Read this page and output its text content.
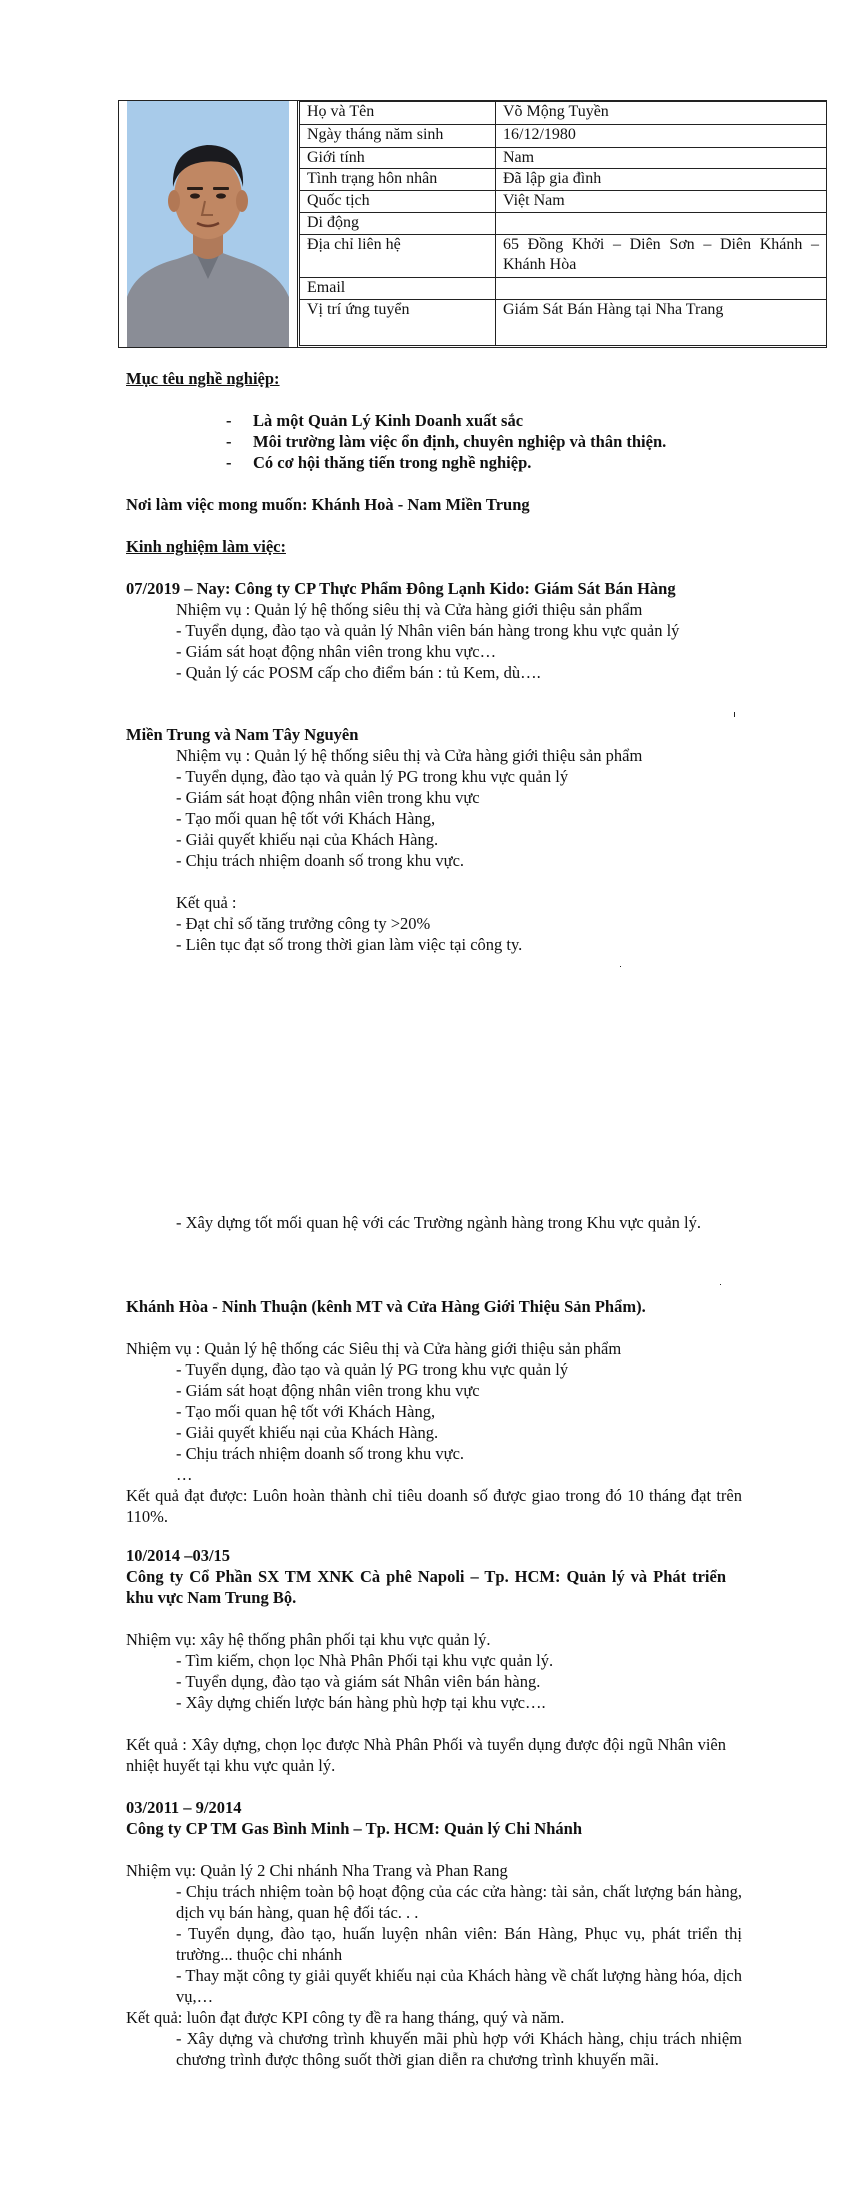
Họ và Tên	Võ Mộng Tuyền
Ngày tháng năm sinh	16/12/1980
Giới tính	Nam
Tình trạng hôn nhân	Đã lập gia đình
Quốc tịch	Việt Nam
Di động	
Địa chỉ liên hệ	65 Đồng Khởi – Diên Sơn – Diên Khánh – Khánh Hòa
Email	
Vị trí ứng tuyển	Giám Sát Bán Hàng tại Nha Trang
Mục têu nghề nghiệp:
- Là một Quản Lý Kinh Doanh xuất sắc
- Môi trường làm việc ổn định, chuyên nghiệp và thân thiện.
- Có cơ hội thăng tiến trong nghề nghiệp.
Nơi làm việc mong muốn: Khánh Hoà - Nam Miền Trung
Kinh nghiệm làm việc:
07/2019 – Nay: Công ty CP Thực Phẩm Đông Lạnh Kido: Giám Sát Bán Hàng
Nhiệm vụ : Quản lý hệ thống siêu thị và Cửa hàng giới thiệu sản phẩm
- Tuyển dụng, đào tạo và quản lý Nhân viên bán hàng trong khu vực quản lý
- Giám sát hoạt động nhân viên trong khu vực…
- Quản lý các POSM cấp cho điểm bán : tủ Kem, dù….
Miền Trung và Nam Tây Nguyên
Nhiệm vụ : Quản lý hệ thống siêu thị và Cửa hàng giới thiệu sản phẩm
- Tuyển dụng, đào tạo và quản lý PG trong khu vực quản lý
- Giám sát hoạt động nhân viên trong khu vực
- Tạo mối quan hệ tốt với Khách Hàng,
- Giải quyết khiếu nại của Khách Hàng.
- Chịu trách nhiệm doanh số trong khu vực.
Kết quả :
- Đạt chỉ số tăng trưởng công ty >20%
- Liên tục đạt số trong thời gian làm việc tại công ty.
- Xây dựng tốt mối quan hệ với các Trường ngành hàng trong Khu vực quản lý.
Khánh Hòa - Ninh Thuận (kênh MT và Cửa Hàng Giới Thiệu Sản Phẩm).
Nhiệm vụ : Quản lý hệ thống các Siêu thị và Cửa hàng giới thiệu sản phẩm
- Tuyển dụng, đào tạo và quản lý PG trong khu vực quản lý
- Giám sát hoạt động nhân viên trong khu vực
- Tạo mối quan hệ tốt với Khách Hàng,
- Giải quyết khiếu nại của Khách Hàng.
- Chịu trách nhiệm doanh số trong khu vực.
…
Kết quả đạt được: Luôn hoàn thành chỉ tiêu doanh số được giao trong đó 10 tháng đạt trên 110%.
10/2014 –03/15
Công ty Cổ Phần SX TM XNK Cà phê Napoli – Tp. HCM: Quản lý và Phát triển khu vực Nam Trung Bộ.
Nhiệm vụ: xây hệ thống phân phối tại khu vực quản lý.
- Tìm kiếm, chọn lọc Nhà Phân Phối tại khu vực quản lý.
- Tuyển dụng, đào tạo và giám sát Nhân viên bán hàng.
- Xây dựng chiến lược bán hàng phù hợp tại khu vực….
Kết quả : Xây dựng, chọn lọc được Nhà Phân Phối và tuyển dụng được đội ngũ Nhân viên nhiệt huyết tại khu vực quản lý.
03/2011 – 9/2014
Công ty CP TM Gas Bình Minh – Tp. HCM: Quản lý Chi Nhánh
Nhiệm vụ: Quản lý 2 Chi nhánh Nha Trang và Phan Rang
- Chịu trách nhiệm toàn bộ hoạt động của các cửa hàng: tài sản, chất lượng bán hàng, dịch vụ bán hàng, quan hệ đối tác. . .
- Tuyển dụng, đào tạo, huấn luyện nhân viên: Bán Hàng, Phục vụ, phát triển thị trường... thuộc chi nhánh
- Thay mặt công ty giải quyết khiếu nại của Khách hàng về chất lượng hàng hóa, dịch vụ,…
Kết quả: luôn đạt được KPI công ty đề ra hang tháng, quý và năm.
- Xây dựng và chương trình khuyến mãi phù hợp với Khách hàng, chịu trách nhiệm chương trình được thông suốt thời gian diễn ra chương trình khuyến mãi.
